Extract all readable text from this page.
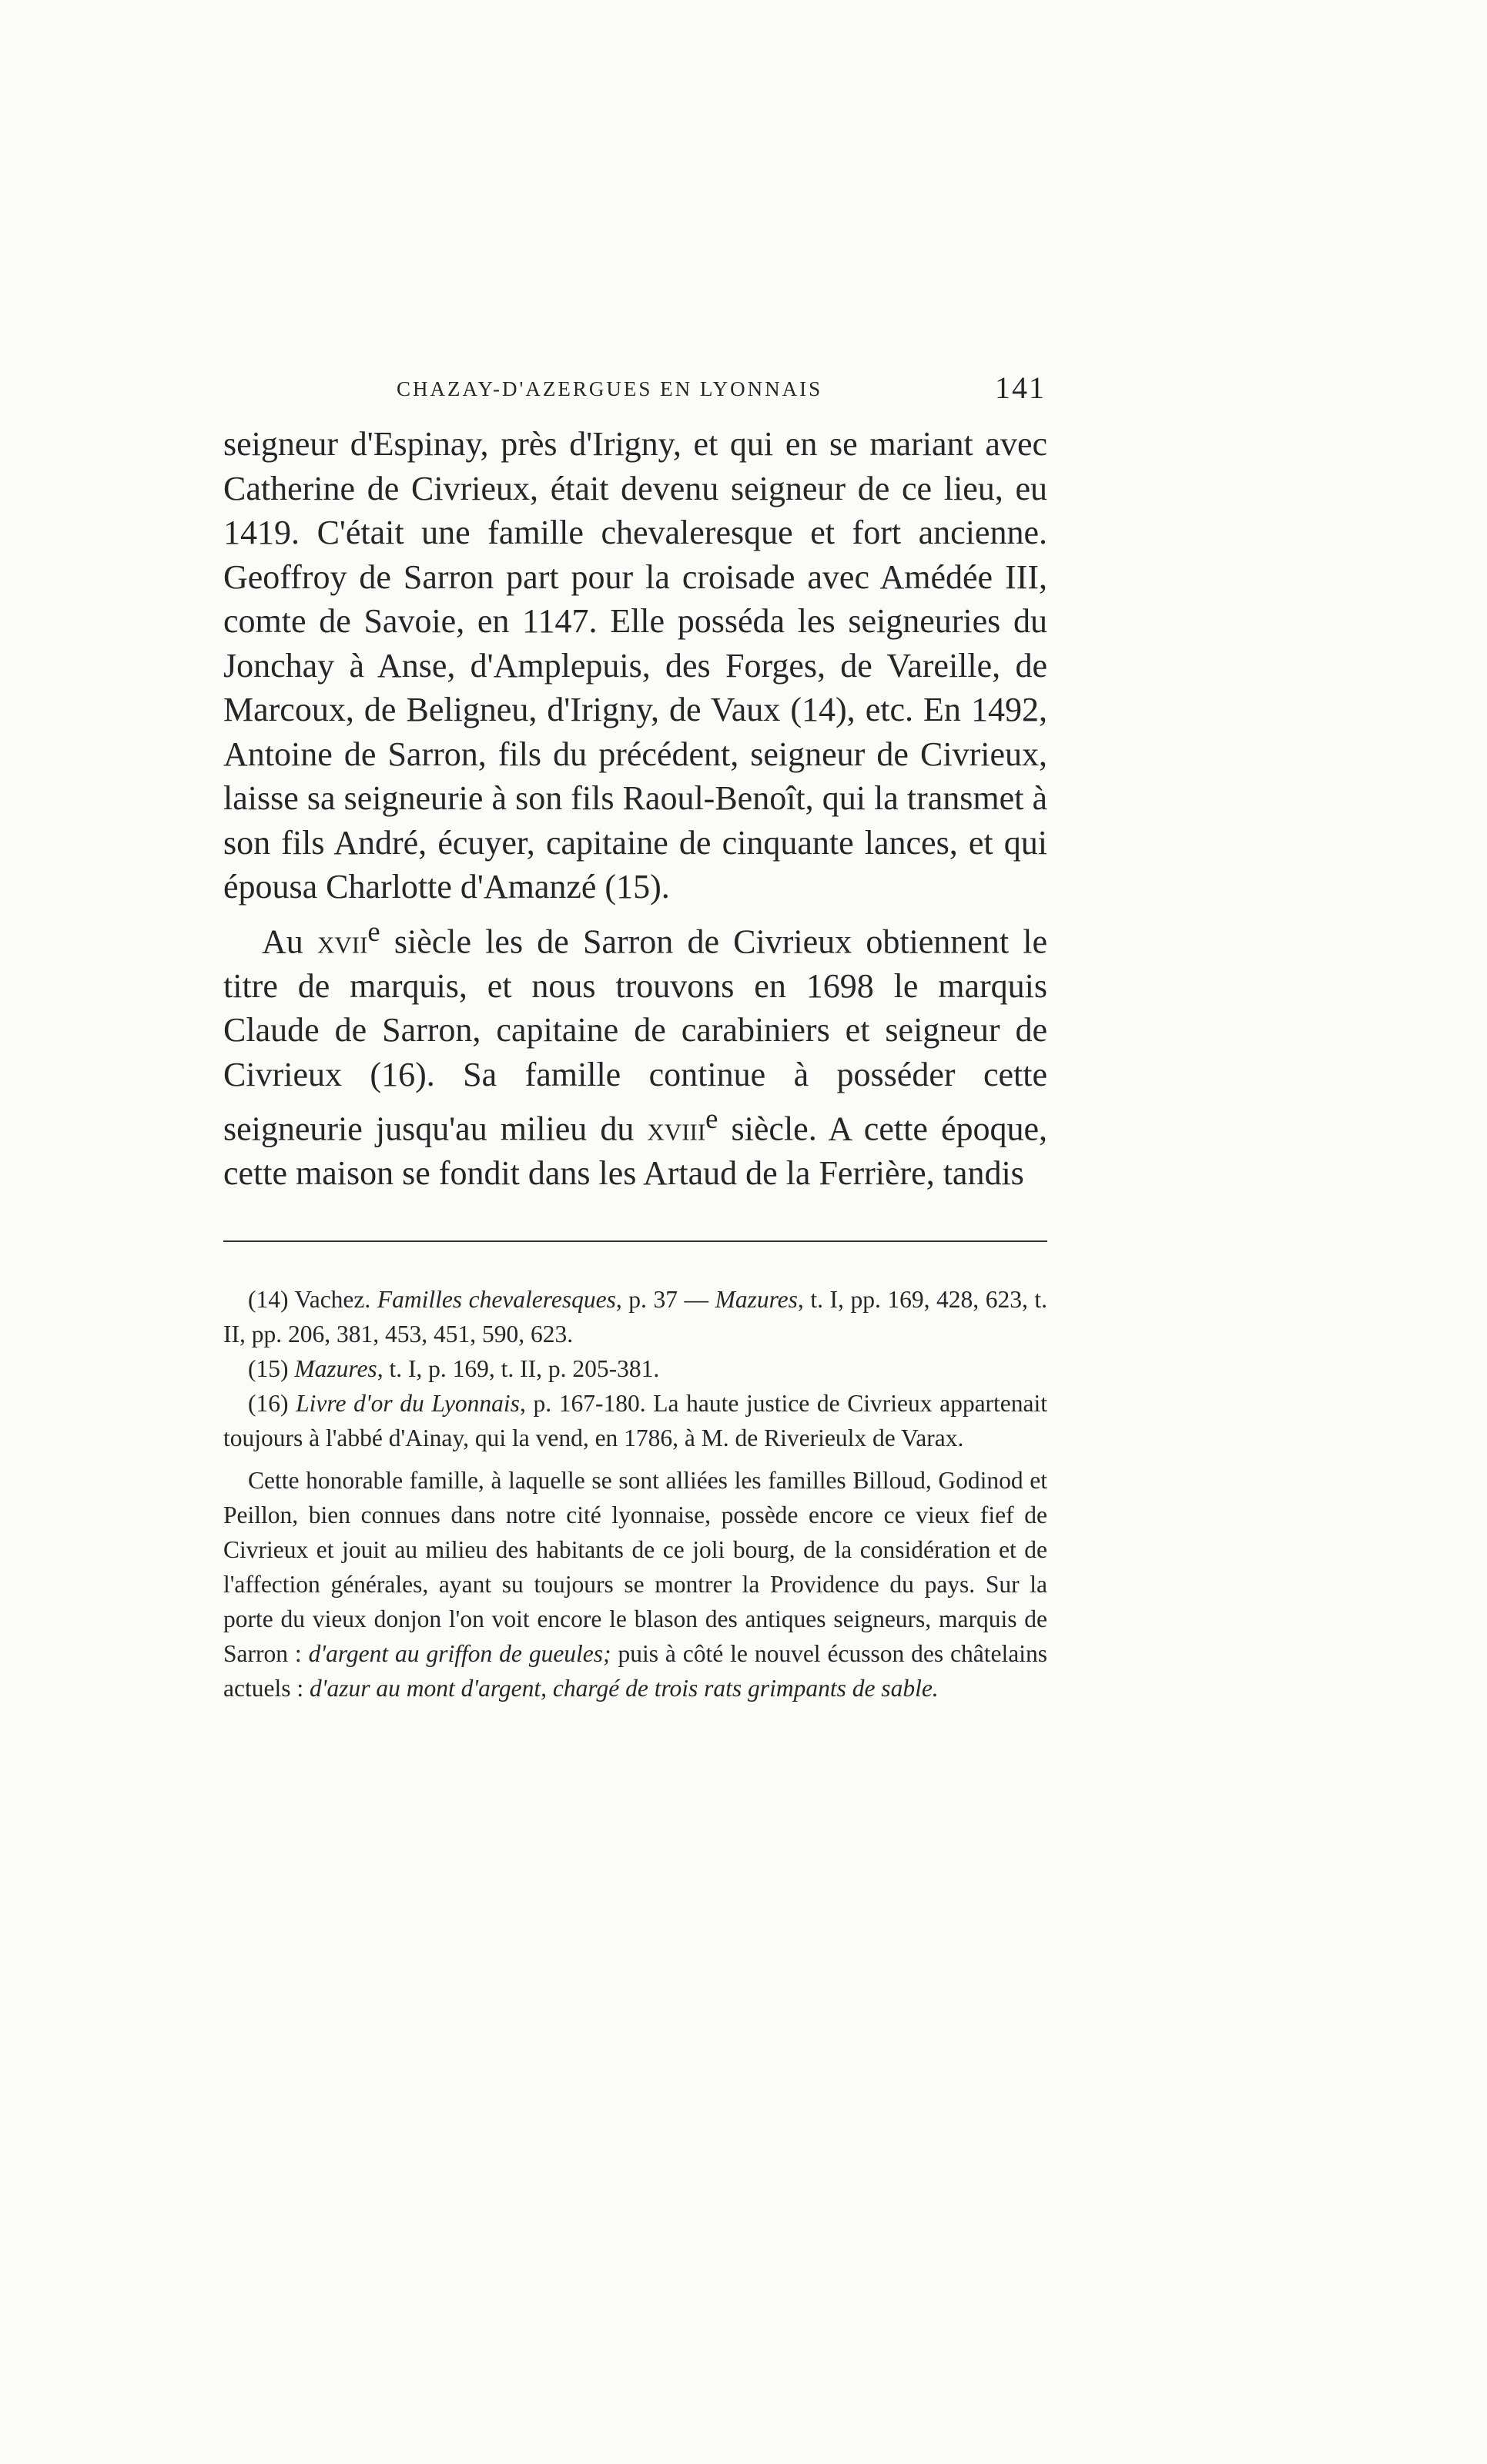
CHAZAY-D'AZERGUES EN LYONNAIS	141

seigneur d'Espinay, près d'Irigny, et qui en se mariant avec Catherine de Civrieux, était devenu seigneur de ce lieu, eu 1419. C'était une famille chevaleresque et fort ancienne. Geoffroy de Sarron part pour la croisade avec Amédée III, comte de Savoie, en 1147. Elle posséda les seigneuries du Jonchay à Anse, d'Amplepuis, des Forges, de Vareille, de Marcoux, de Beligneu, d'Irigny, de Vaux (14), etc. En 1492, Antoine de Sarron, fils du précédent, seigneur de Civrieux, laisse sa seigneurie à son fils Raoul-Benoît, qui la transmet à son fils André, écuyer, capitaine de cinquante lances, et qui épousa Charlotte d'Amanzé (15).

Au xvii$^e$ siècle les de Sarron de Civrieux obtiennent le titre de marquis, et nous trouvons en 1698 le marquis Claude de Sarron, capitaine de carabiniers et seigneur de Civrieux (16). Sa famille continue à posséder cette seigneurie jusqu'au milieu du xviii$^e$ siècle. A cette époque, cette maison se fondit dans les Artaud de la Ferrière, tandis

(14) Vachez. Familles chevaleresques, p. 37 — Mazures, t. I, pp. 169, 428, 623, t. II, pp. 206, 381, 453, 451, 590, 623.

(15) Mazures, t. I, p. 169, t. II, p. 205-381.

(16) Livre d'or du Lyonnais, p. 167-180. La haute justice de Civrieux appartenait toujours à l'abbé d'Ainay, qui la vend, en 1786, à M. de Riverieulx de Varax.

Cette honorable famille, à laquelle se sont alliées les familles Billoud, Godinod et Peillon, bien connues dans notre cité lyonnaise, possède encore ce vieux fief de Civrieux et jouit au milieu des habitants de ce joli bourg, de la considération et de l'affection générales, ayant su toujours se montrer la Providence du pays. Sur la porte du vieux donjon l'on voit encore le blason des antiques seigneurs, marquis de Sarron : d'argent au griffon de gueules; puis à côté le nouvel écusson des châtelains actuels : d'azur au mont d'argent, chargé de trois rats grimpants de sable.
